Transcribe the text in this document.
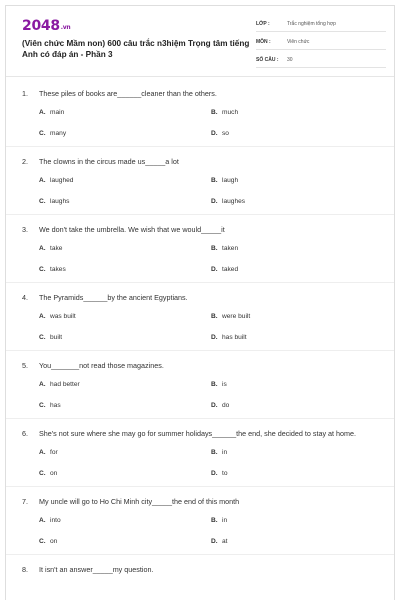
2048.vn
(Viên chức Mầm non) 600 câu trắc n3hiệm Trọng tâm tiếng Anh có đáp án - Phần 3
LỚP :	Trắc nghiệm tổng hợp
MÔN :	Viên chức
SỐ CÂU : 30
1. These piles of books are______cleaner than the others.
A. main	B. much
C. many	D. so
2. The clowns in the circus made us_____a lot
A. laughed	B. laugh
C. laughs	D. laughes
3. We don't take the umbrella. We wish that we would_____it
A. take	B. taken
C. takes	D. taked
4. The Pyramids______by the ancient Egyptians.
A. was built	B. were built
C. built	D. has built
5. You_______not read those magazines.
A. had better	B. is
C. has	D. do
6. She's not sure where she may go for summer holidays______the end, she decided to stay at home.
A. for	B. in
C. on	D. to
7. My uncle will go to Ho Chi Minh city_____the end of this month
A. into	B. in
C. on	D. at
8. It isn't an answer_____my question.
